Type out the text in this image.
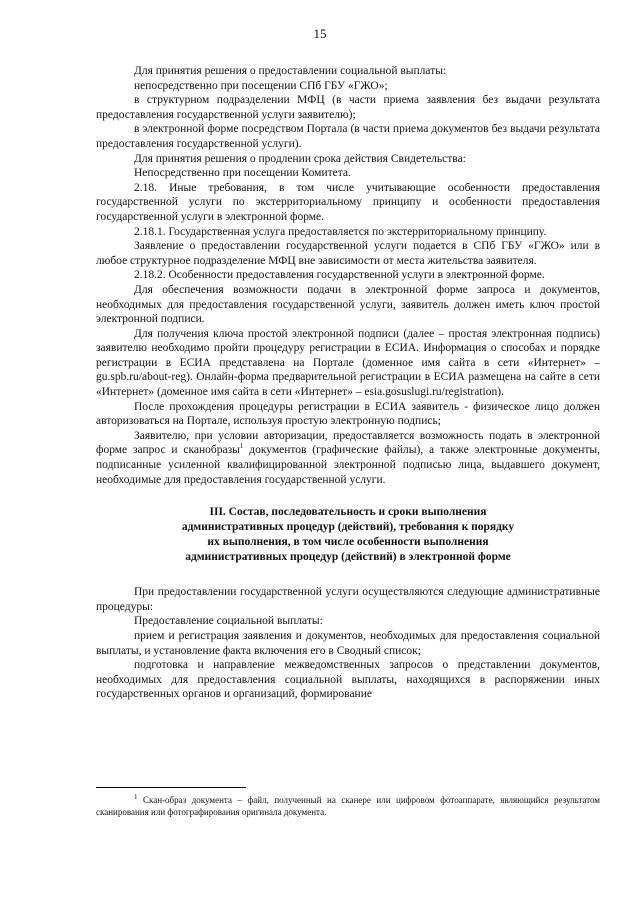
15

Для принятия решения о предоставлении социальной выплаты:

непосредственно при посещении СПб ГБУ «ГЖО»;

в структурном подразделении МФЦ (в части приема заявления без выдачи результата предоставления государственной услуги заявителю);

в электронной форме посредством Портала (в части приема документов без выдачи результата предоставления государственной услуги).

Для принятия решения о продлении срока действия Свидетельства:

Непосредственно при посещении Комитета.

2.18. Иные требования, в том числе учитывающие особенности предоставления государственной услуги по экстерриториальному принципу и особенности предоставления государственной услуги в электронной форме.

2.18.1. Государственная услуга предоставляется по экстерриториальному принципу.

Заявление о предоставлении государственной услуги подается в СПб ГБУ «ГЖО» или в любое структурное подразделение МФЦ вне зависимости от места жительства заявителя.

2.18.2. Особенности предоставления государственной услуги в электронной форме.

Для обеспечения возможности подачи в электронной форме запроса и документов, необходимых для предоставления государственной услуги, заявитель должен иметь ключ простой электронной подписи.

Для получения ключа простой электронной подписи (далее – простая электронная подпись) заявителю необходимо пройти процедуру регистрации в ЕСИА. Информация о способах и порядке регистрации в ЕСИА представлена на Портале (доменное имя сайта в сети «Интернет» – gu.spb.ru/about-reg). Онлайн-форма предварительной регистрации в ЕСИА размещена на сайте в сети «Интернет» (доменное имя сайта в сети «Интернет» – esia.gosuslugi.ru/registration).

После прохождения процедуры регистрации в ЕСИА заявитель - физическое лицо должен авторизоваться на Портале, используя простую электронную подпись;

Заявителю, при условии авторизации, предоставляется возможность подать в электронной форме запрос и сканобразы$^1$ документов (графические файлы), а также электронные документы, подписанные усиленной квалифицированной электронной подписью лица, выдавшего документ, необходимые для предоставления государственной услуги.

III. Состав, последовательность и сроки выполнения
административных процедур (действий), требования к порядку
их выполнения, в том числе особенности выполнения
административных процедур (действий) в электронной форме

При предоставлении государственной услуги осуществляются следующие административные процедуры:

Предоставление социальной выплаты:

прием и регистрация заявления и документов, необходимых для предоставления социальной выплаты, и установление факта включения его в Сводный список;

подготовка и направление межведомственных запросов о представлении документов, необходимых для предоставления социальной выплаты, находящихся в распоряжении иных государственных органов и организаций, формирование

$^1$ Скан-образ документа – файл, полученный на сканере или цифровом фотоаппарате, являющийся результатом сканирования или фотографирования оригинала документа.
